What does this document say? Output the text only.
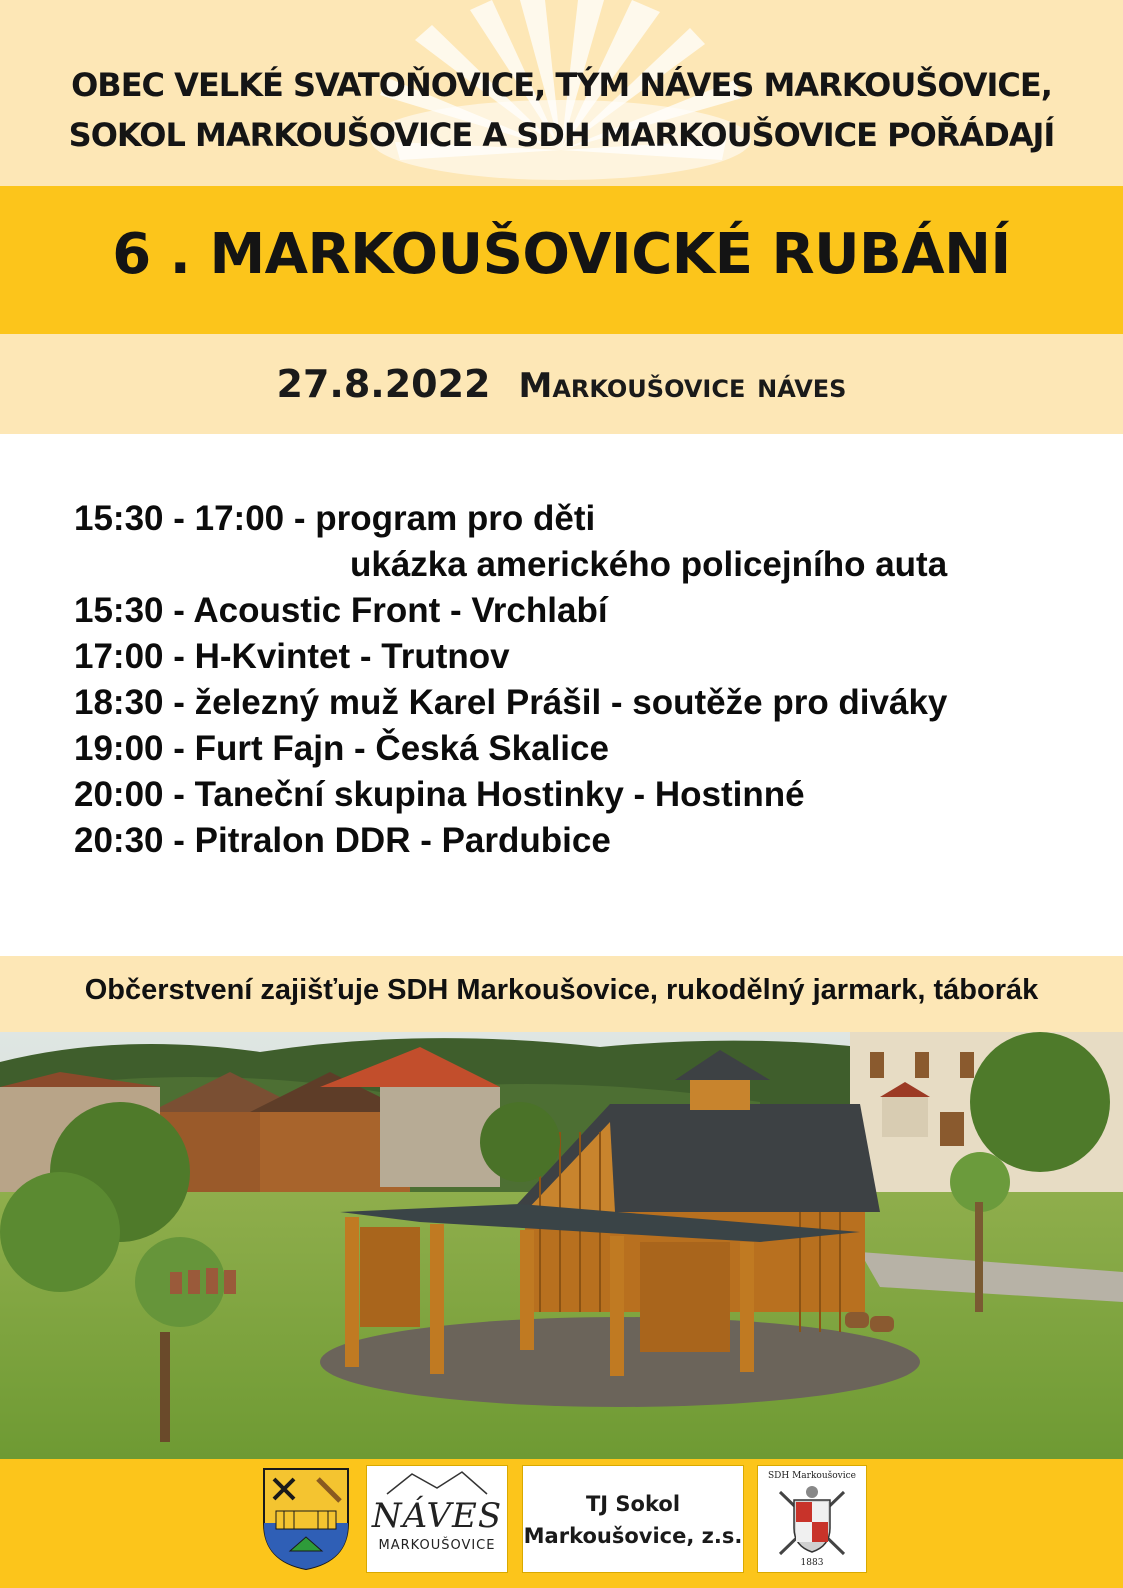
OBEC VELKÉ SVATOŇOVICE, TÝM NÁVES MARKOUŠOVICE,
SOKOL MARKOUŠOVICE A SDH MARKOUŠOVICE POŘÁDAJÍ
6 . MARKOUŠOVICKÉ RUBÁNÍ
27.8.2022 Markoušovice náves
15:30 - 17:00 - program pro děti
ukázka amerického policejního auta
15:30 - Acoustic Front - Vrchlabí
17:00 - H-Kvintet - Trutnov
18:30 - železný muž Karel Prášil - soutěže pro diváky
19:00 - Furt Fajn - Česká Skalice
20:00 - Taneční skupina Hostinky - Hostinné
20:30 - Pitralon DDR - Pardubice
Občerstvení zajišťuje SDH Markoušovice, rukodělný jarmark, táborák
NÁVES
MARKOUŠOVICE
TJ Sokol
Markoušovice, z.s.
SDH Markoušovice
1883
